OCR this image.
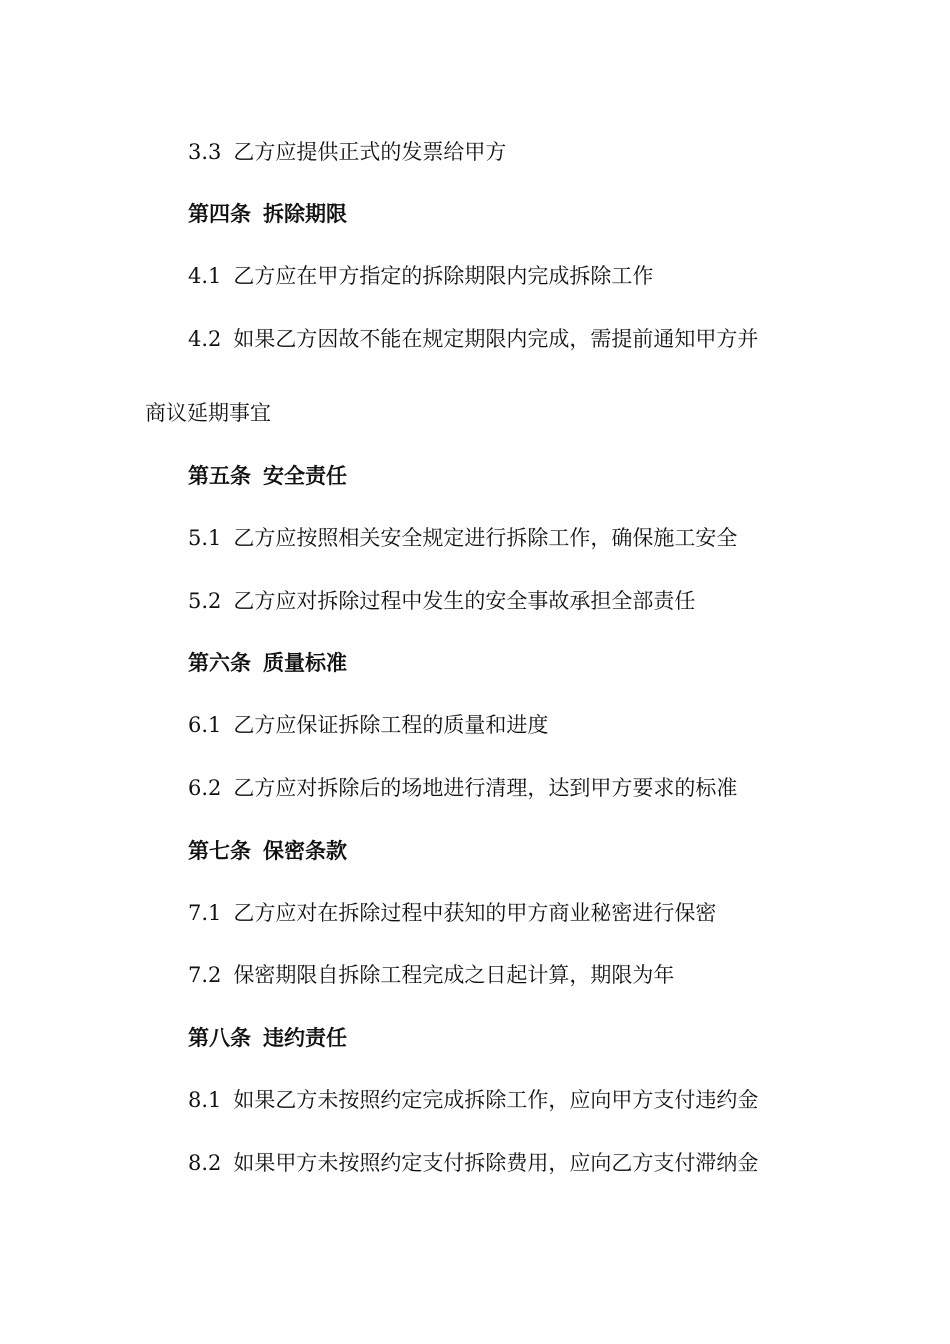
3.3 乙方应提供正式的发票给甲方
第四条 拆除期限
4.1 乙方应在甲方指定的拆除期限内完成拆除工作
4.2 如果乙方因故不能在规定期限内完成，需提前通知甲方并
商议延期事宜
第五条 安全责任
5.1 乙方应按照相关安全规定进行拆除工作，确保施工安全
5.2 乙方应对拆除过程中发生的安全事故承担全部责任
第六条 质量标准
6.1 乙方应保证拆除工程的质量和进度
6.2 乙方应对拆除后的场地进行清理，达到甲方要求的标准
第七条 保密条款
7.1 乙方应对在拆除过程中获知的甲方商业秘密进行保密
7.2 保密期限自拆除工程完成之日起计算，期限为年
第八条 违约责任
8.1 如果乙方未按照约定完成拆除工作，应向甲方支付违约金
8.2 如果甲方未按照约定支付拆除费用，应向乙方支付滞纳金
